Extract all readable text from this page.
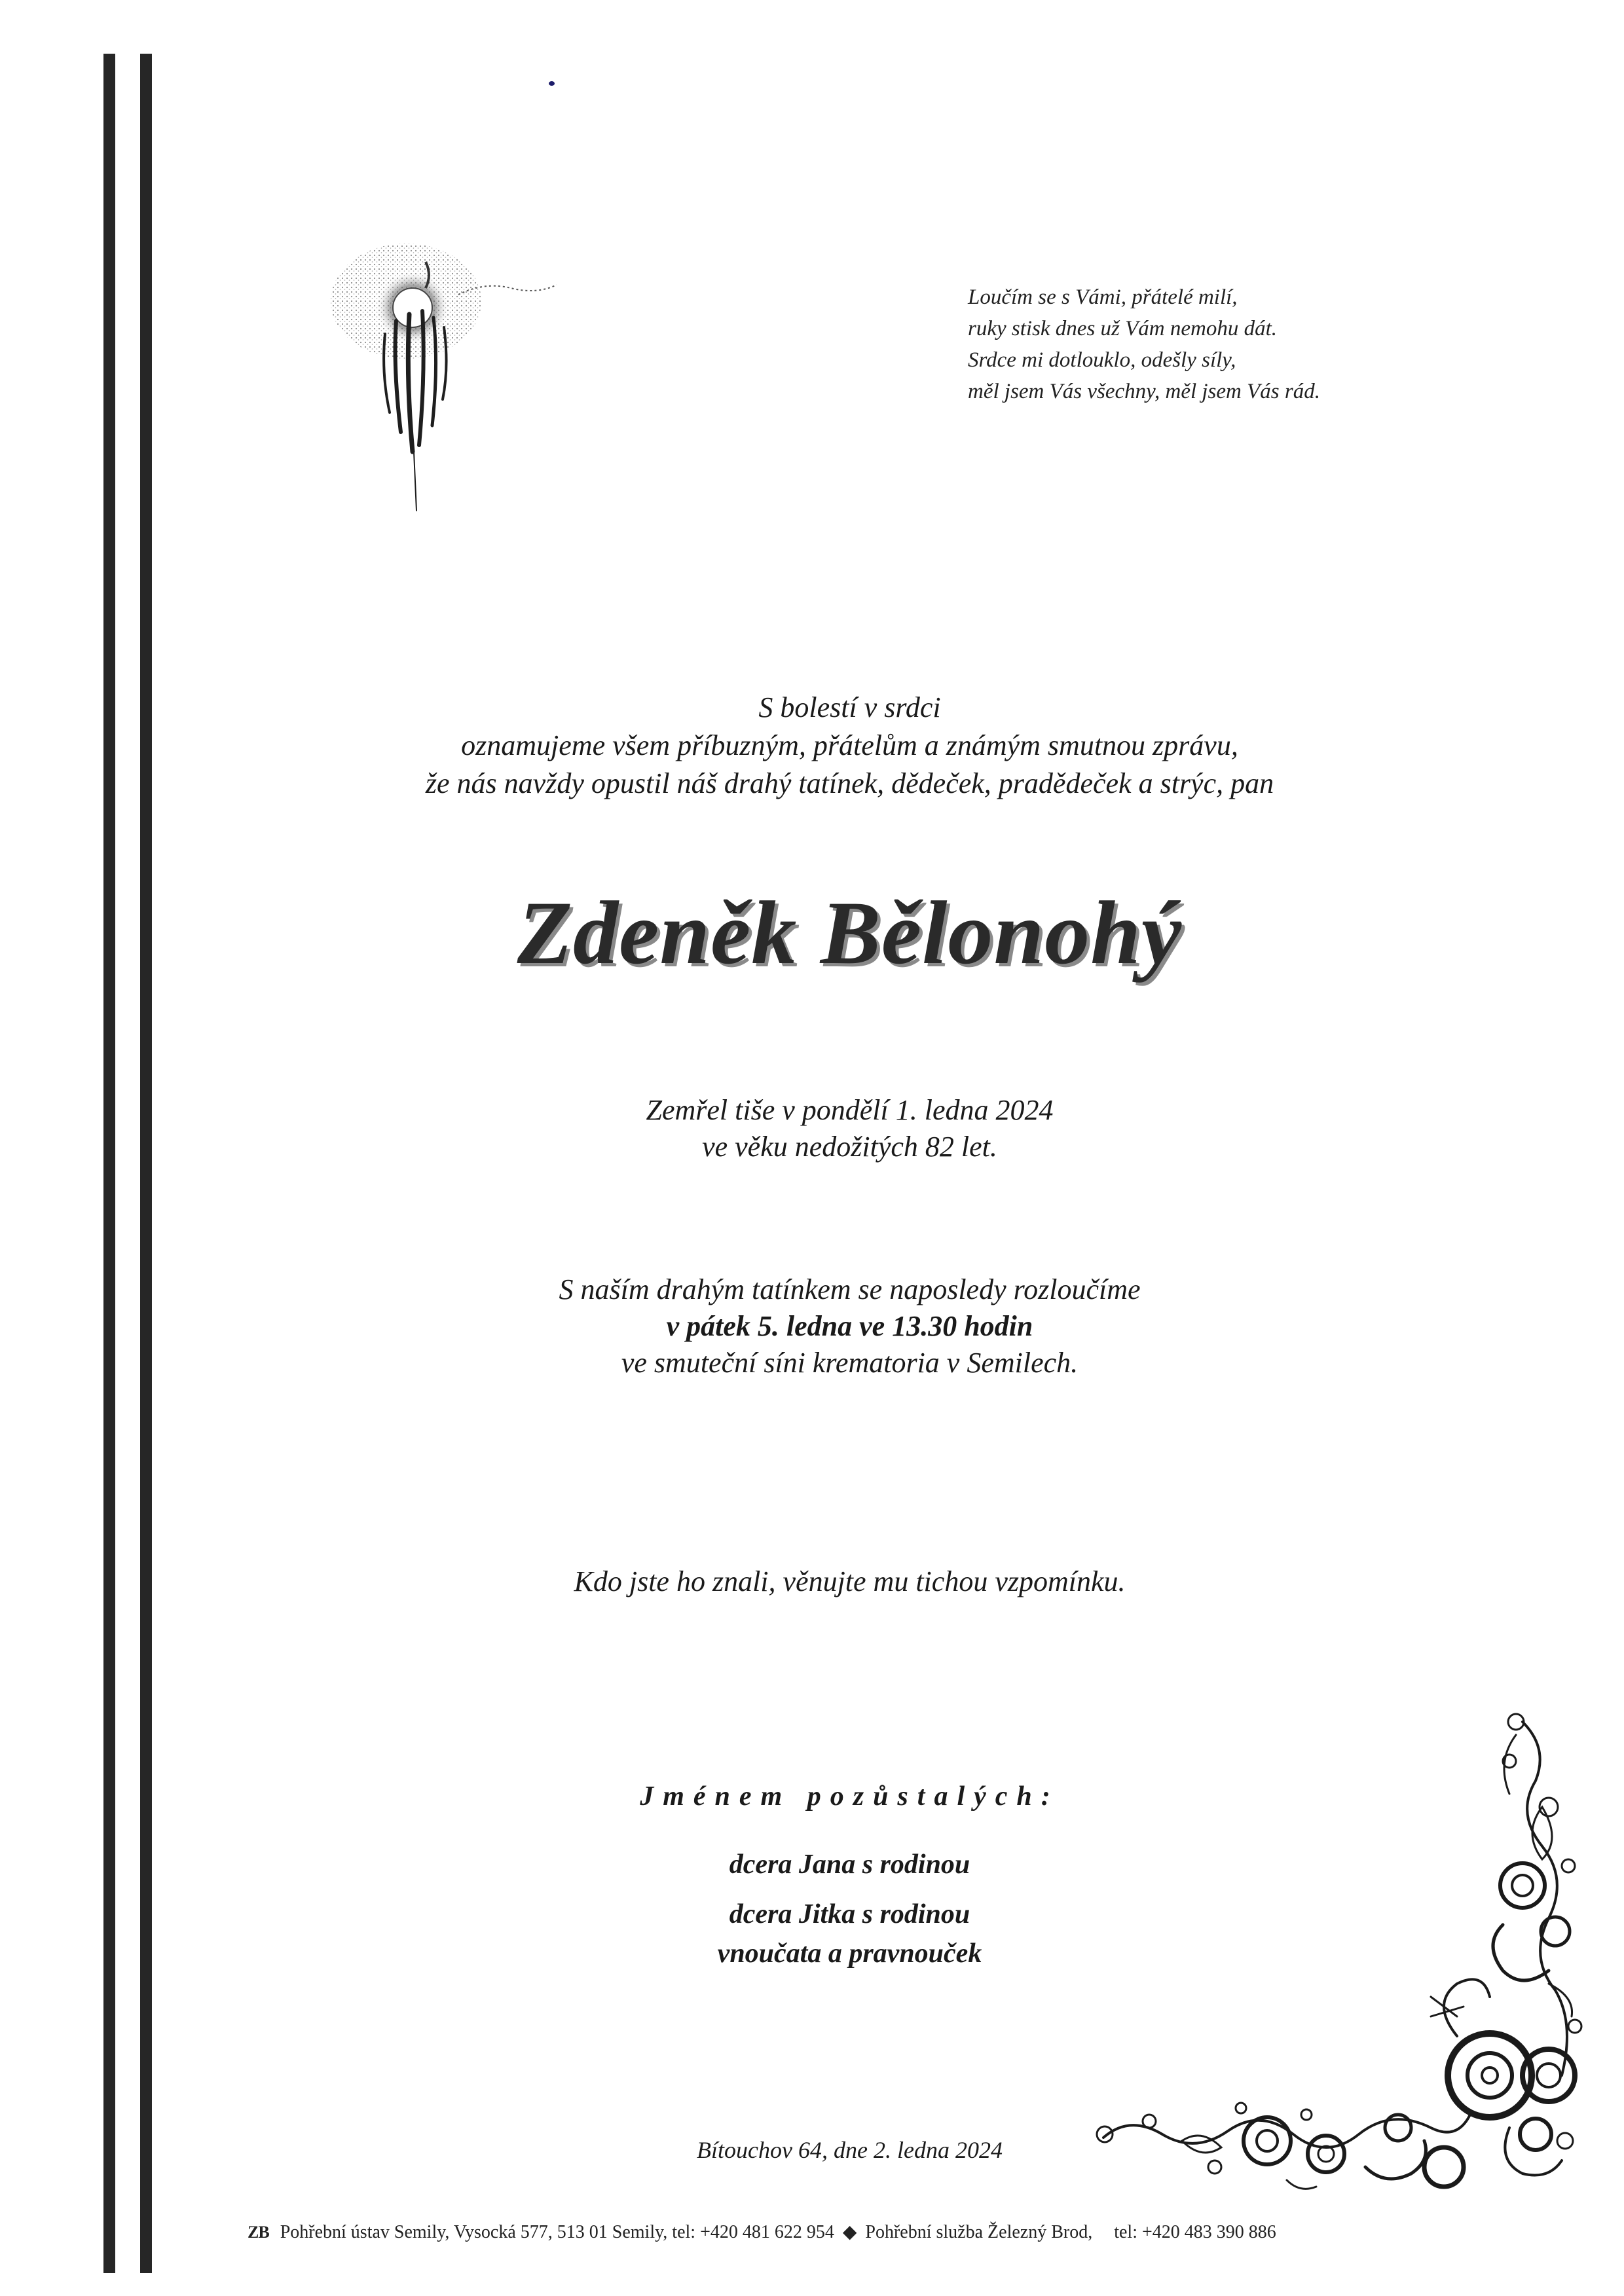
Loučím se s Vámi, přátelé milí,
ruky stisk dnes už Vám nemohu dát.
Srdce mi dotlouklo, odešly síly,
měl jsem Vás všechny, měl jsem Vás rád.
S bolestí v srdci
oznamujeme všem příbuzným, přátelům a známým smutnou zprávu,
že nás navždy opustil náš drahý tatínek, dědeček, pradědeček a strýc, pan
Zdeněk Bělonohý
Zemřel tiše v pondělí 1. ledna 2024
ve věku nedožitých 82 let.
S naším drahým tatínkem se naposledy rozloučíme
v pátek 5. ledna ve 13.30 hodin
ve smuteční síni krematoria v Semilech.
Kdo jste ho znali, věnujte mu tichou vzpomínku.
Jménem pozůstalých:
dcera Jana s rodinou
dcera Jitka s rodinou
vnoučata a pravnouček
Bítouchov 64, dne 2. ledna 2024
ZB Pohřební ústav Semily, Vysocká 577, 513 01 Semily, tel: +420 481 622 954 ◆ Pohřební služba Železný Brod, tel: +420 483 390 886
